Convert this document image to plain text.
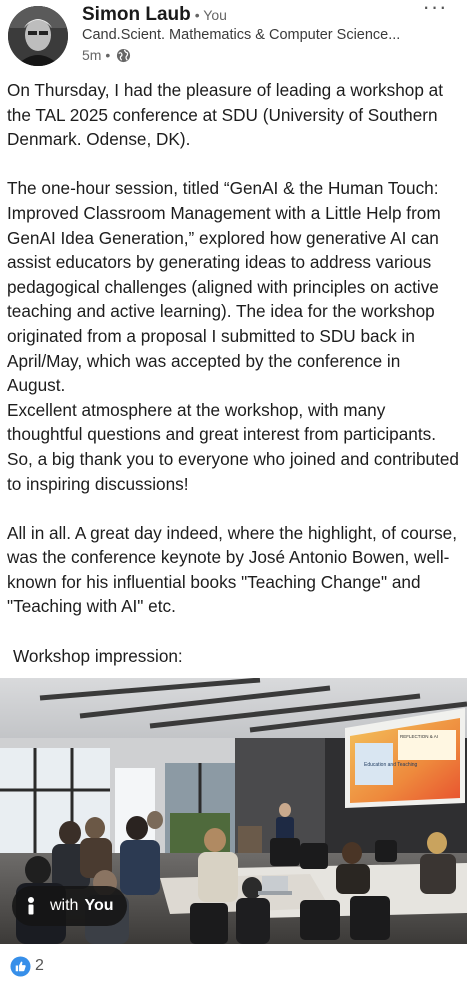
Simon Laub • You
Cand.Scient. Mathematics & Computer Science...
5m •
···

On Thursday, I had the pleasure of leading a workshop at the TAL 2025 conference at SDU (University of Southern Denmark. Odense, DK).

The one-hour session, titled “GenAI & the Human Touch: Improved Classroom Management with a Little Help from GenAI Idea Generation,” explored how generative AI can assist educators by generating ideas to address various pedagogical challenges (aligned with principles on active teaching and active learning). The idea for the workshop originated from a proposal I submitted to SDU back in April/May, which was accepted by the conference in August.

Excellent atmosphere at the workshop, with many thoughtful questions and great interest from participants. So, a big thank you to everyone who joined and contributed to inspiring discussions!

All in all. A great day indeed, where the highlight, of course, was the conference keynote by José Antonio Bowen, well-known for his influential books "Teaching Change" and "Teaching with AI" etc.

Workshop impression:

Education and Teaching
REFLECTION & AI
with You
2
